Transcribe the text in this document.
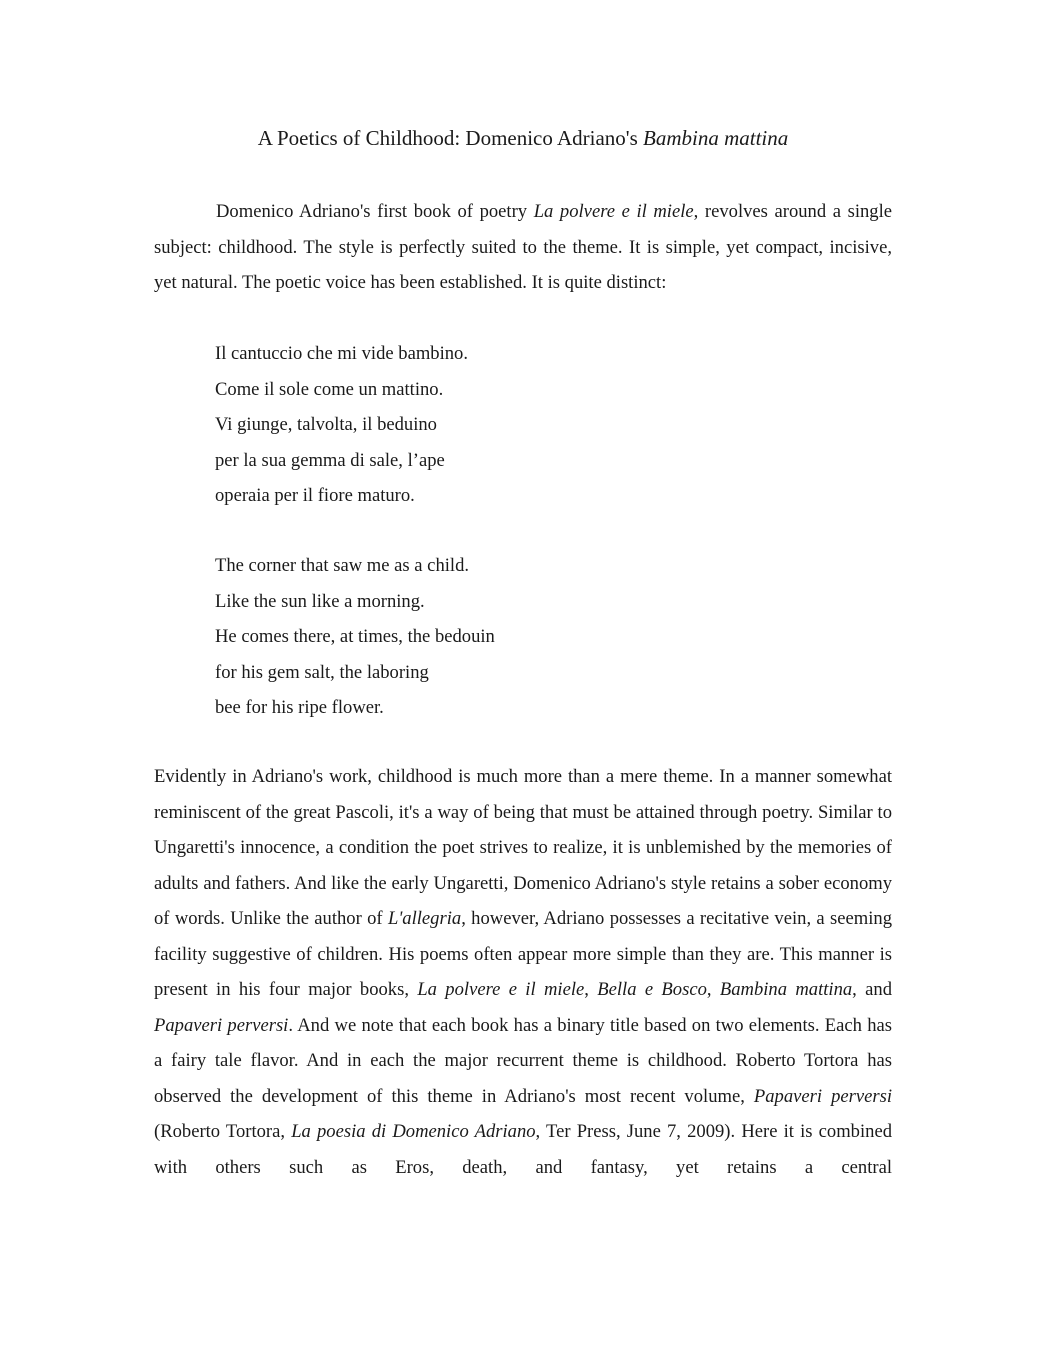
A Poetics of Childhood: Domenico Adriano's Bambina mattina

Domenico Adriano's first book of poetry La polvere e il miele, revolves around a single subject: childhood. The style is perfectly suited to the theme. It is simple, yet compact, incisive, yet natural. The poetic voice has been established. It is quite distinct:

Il cantuccio che mi vide bambino.
Come il sole come un mattino.
Vi giunge, talvolta, il beduino
per la sua gemma di sale, l’ape
operaia per il fiore maturo.
The corner that saw me as a child.
Like the sun like a morning.
He comes there, at times, the bedouin
for his gem salt, the laboring
bee for his ripe flower.

Evidently in Adriano's work, childhood is much more than a mere theme. In a manner somewhat reminiscent of the great Pascoli, it's a way of being that must be attained through poetry. Similar to Ungaretti's innocence, a condition the poet strives to realize, it is unblemished by the memories of adults and fathers. And like the early Ungaretti, Domenico Adriano's style retains a sober economy of words. Unlike the author of L'allegria, however, Adriano possesses a recitative vein, a seeming facility suggestive of children. His poems often appear more simple than they are. This manner is present in his four major books, La polvere e il miele, Bella e Bosco, Bambina mattina, and Papaveri perversi. And we note that each book has a binary title based on two elements. Each has a fairy tale flavor. And in each the major recurrent theme is childhood. Roberto Tortora has observed the development of this theme in Adriano's most recent volume, Papaveri perversi (Roberto Tortora, La poesia di Domenico Adriano, Ter Press, June 7, 2009). Here it is combined with others such as Eros, death, and fantasy, yet retains a central
